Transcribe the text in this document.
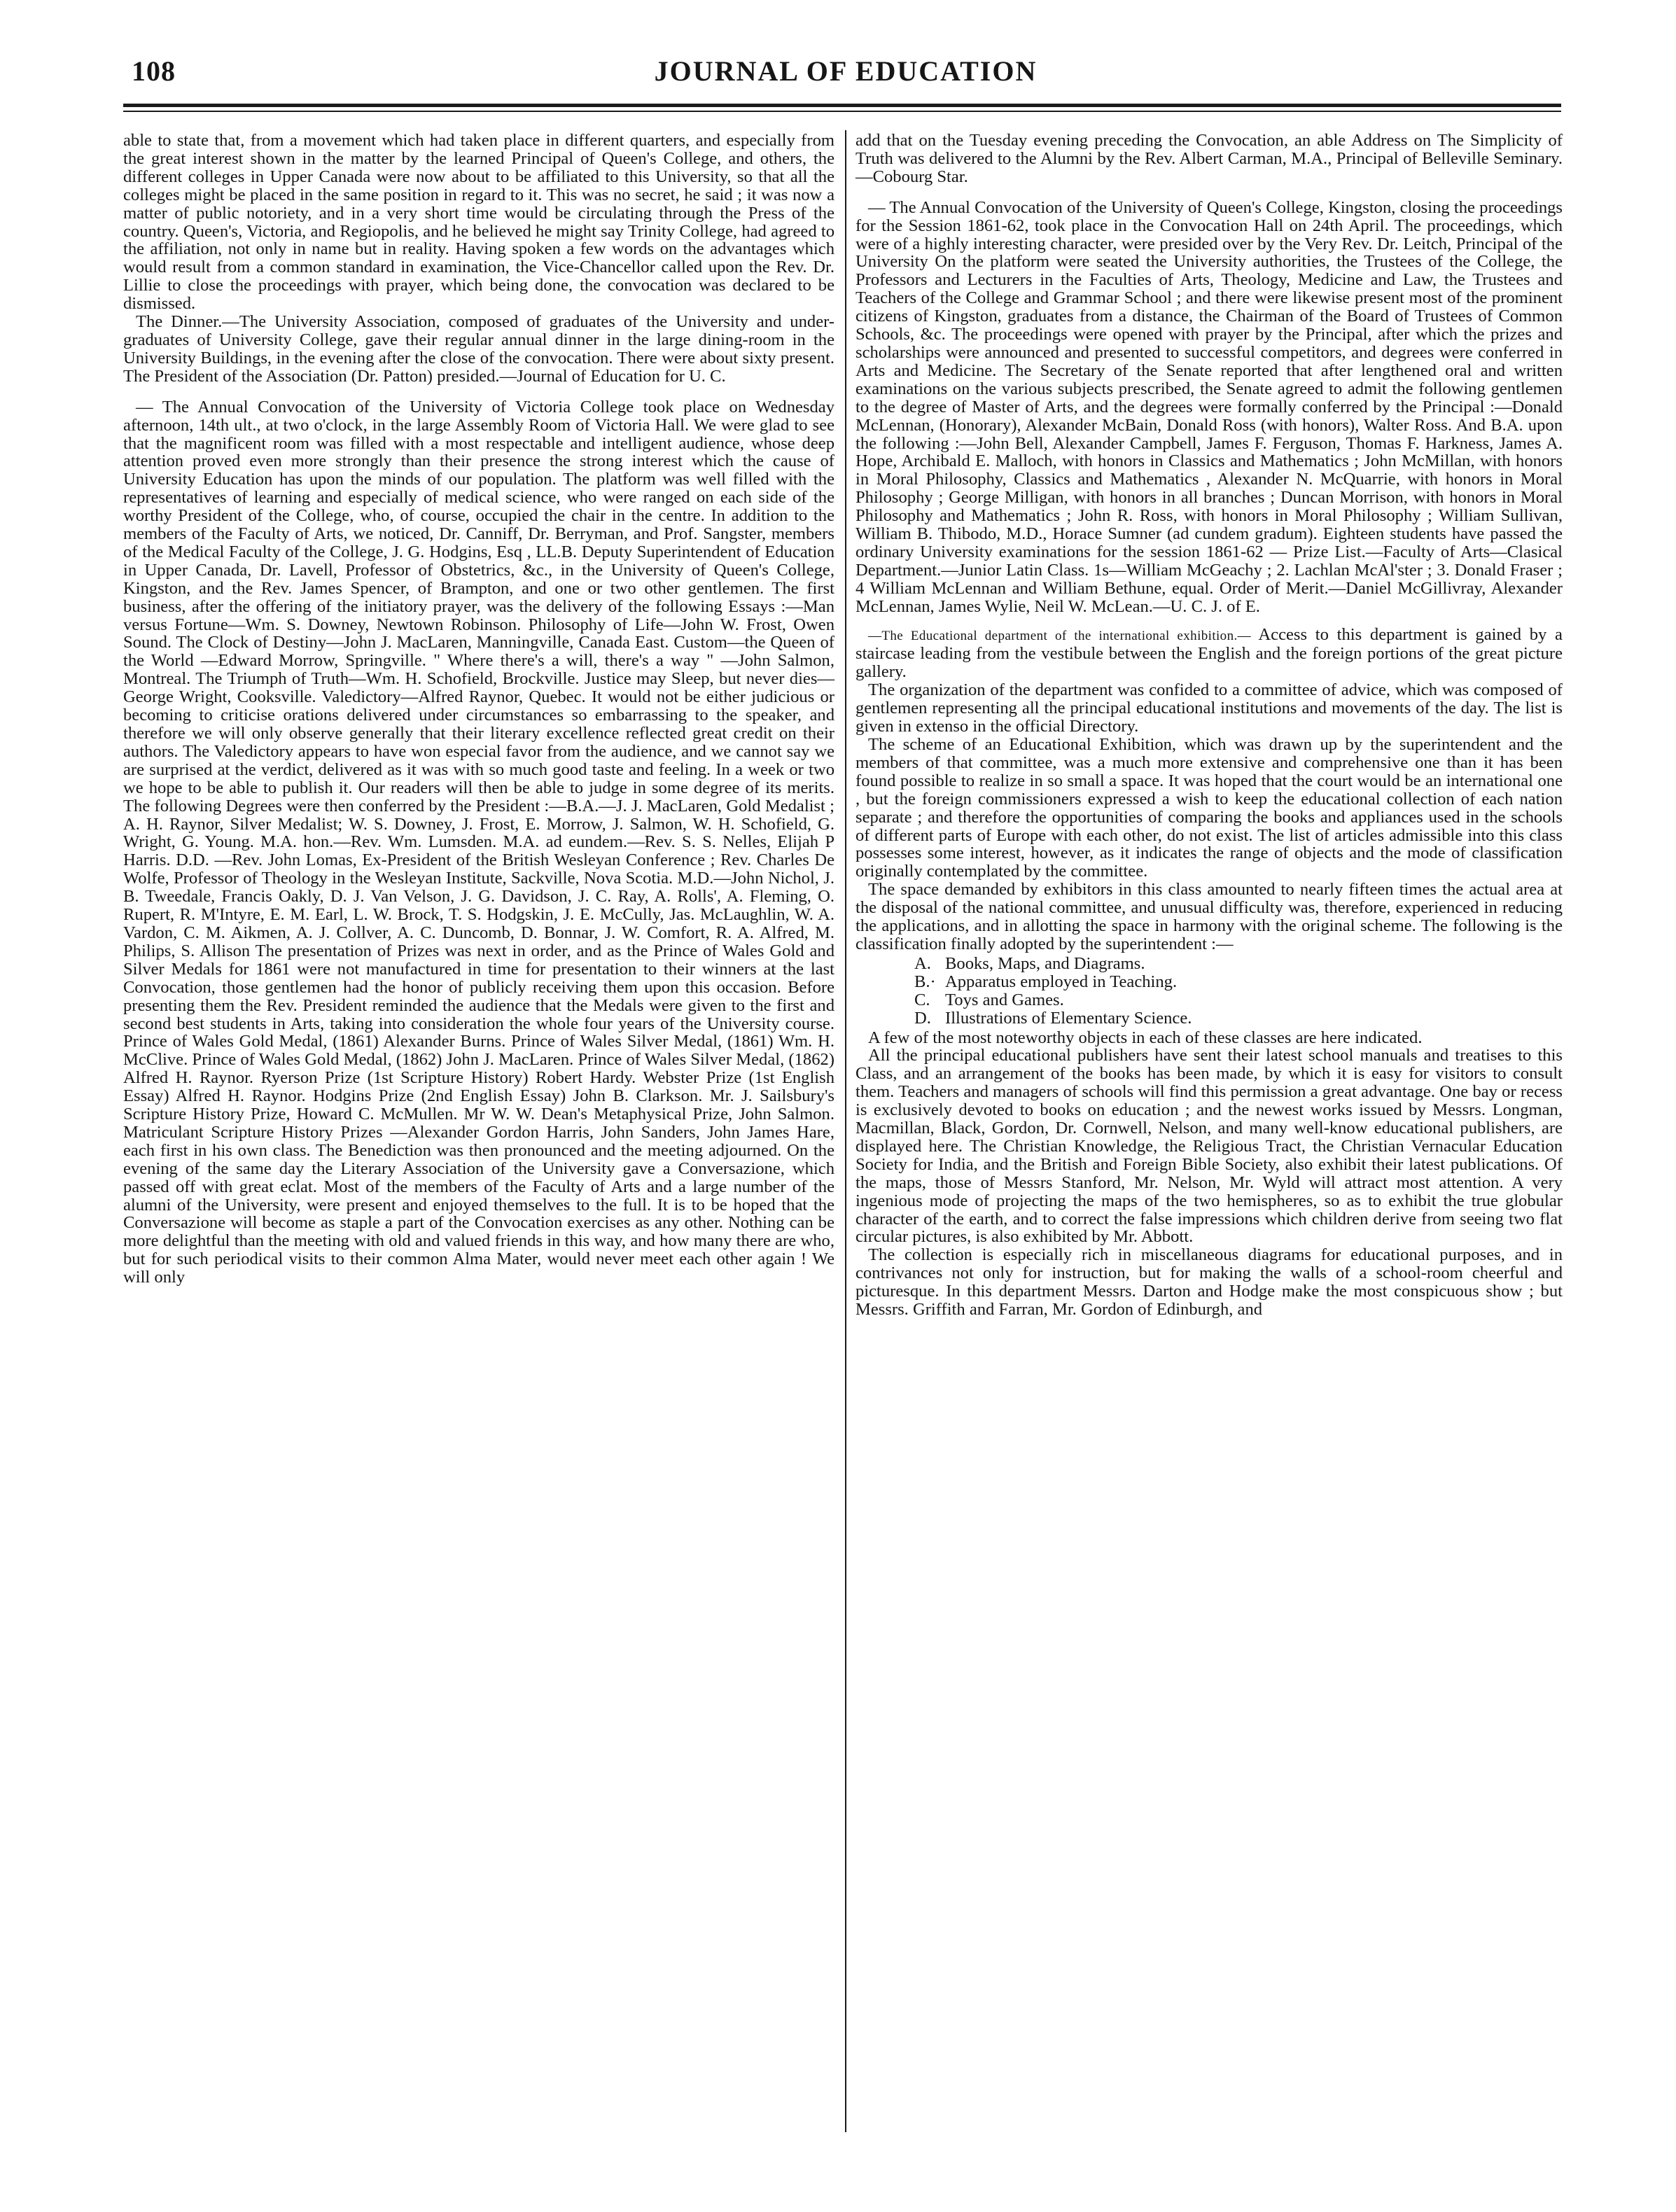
JOURNAL OF EDUCATION
108

able to state that, from a movement which had taken place in different quarters, and especially from the great interest shown in the matter by the learned Principal of Queen's College, and others, the different colleges in Upper Canada were now about to be affiliated to this University, so that all the colleges might be placed in the same position in regard to it. This was no secret, he said ; it was now a matter of public notoriety, and in a very short time would be circulating through the Press of the country. Queen's, Victoria, and Regiopolis, and he believed he might say Trinity College, had agreed to the affiliation, not only in name but in reality. Having spoken a few words on the advantages which would result from a common standard in examination, the Vice-Chancellor called upon the Rev. Dr. Lillie to close the proceedings with prayer, which being done, the convocation was declared to be dismissed.

The Dinner.—The University Association, composed of graduates of the University and under-graduates of University College, gave their regular annual dinner in the large dining-room in the University Buildings, in the evening after the close of the convocation. There were about sixty present. The President of the Association (Dr. Patton) presided.—Journal of Education for U. C.

— The Annual Convocation of the University of Victoria College took place on Wednesday afternoon, 14th ult., at two o'clock, in the large Assembly Room of Victoria Hall. We were glad to see that the magnificent room was filled with a most respectable and intelligent audience, whose deep attention proved even more strongly than their presence the strong interest which the cause of University Education has upon the minds of our population. The platform was well filled with the representatives of learning and especially of medical science, who were ranged on each side of the worthy President of the College, who, of course, occupied the chair in the centre. In addition to the members of the Faculty of Arts, we noticed, Dr. Canniff, Dr. Berryman, and Prof. Sangster, members of the Medical Faculty of the College, J. G. Hodgins, Esq , LL.B. Deputy Superintendent of Education in Upper Canada, Dr. Lavell, Professor of Obstetrics, &c., in the University of Queen's College, Kingston, and the Rev. James Spencer, of Brampton, and one or two other gentlemen. The first business, after the offering of the initiatory prayer, was the delivery of the following Essays :—Man versus Fortune—Wm. S. Downey, Newtown Robinson. Philosophy of Life—John W. Frost, Owen Sound. The Clock of Destiny—John J. MacLaren, Manningville, Canada East. Custom—the Queen of the World —Edward Morrow, Springville. " Where there's a will, there's a way " —John Salmon, Montreal. The Triumph of Truth—Wm. H. Schofield, Brockville. Justice may Sleep, but never dies—George Wright, Cooksville. Valedictory—Alfred Raynor, Quebec. It would not be either judicious or becoming to criticise orations delivered under circumstances so embarrassing to the speaker, and therefore we will only observe generally that their literary excellence reflected great credit on their authors. The Valedictory appears to have won especial favor from the audience, and we cannot say we are surprised at the verdict, delivered as it was with so much good taste and feeling. In a week or two we hope to be able to publish it. Our readers will then be able to judge in some degree of its merits. The following Degrees were then conferred by the President :—B.A.—J. J. MacLaren, Gold Medalist ; A. H. Raynor, Silver Medalist; W. S. Downey, J. Frost, E. Morrow, J. Salmon, W. H. Schofield, G. Wright, G. Young. M.A. hon.—Rev. Wm. Lumsden. M.A. ad eundem.—Rev. S. S. Nelles, Elijah P Harris. D.D. —Rev. John Lomas, Ex-President of the British Wesleyan Conference ; Rev. Charles De Wolfe, Professor of Theology in the Wesleyan Institute, Sackville, Nova Scotia. M.D.—John Nichol, J. B. Tweedale, Francis Oakly, D. J. Van Velson, J. G. Davidson, J. C. Ray, A. Rolls', A. Fleming, O. Rupert, R. M'Intyre, E. M. Earl, L. W. Brock, T. S. Hodgskin, J. E. McCully, Jas. McLaughlin, W. A. Vardon, C. M. Aikmen, A. J. Collver, A. C. Duncomb, D. Bonnar, J. W. Comfort, R. A. Alfred, M. Philips, S. Allison The presentation of Prizes was next in order, and as the Prince of Wales Gold and Silver Medals for 1861 were not manufactured in time for presentation to their winners at the last Convocation, those gentlemen had the honor of publicly receiving them upon this occasion. Before presenting them the Rev. President reminded the audience that the Medals were given to the first and second best students in Arts, taking into consideration the whole four years of the University course. Prince of Wales Gold Medal, (1861) Alexander Burns. Prince of Wales Silver Medal, (1861) Wm. H. McClive. Prince of Wales Gold Medal, (1862) John J. MacLaren. Prince of Wales Silver Medal, (1862) Alfred H. Raynor. Ryerson Prize (1st Scripture History) Robert Hardy. Webster Prize (1st English Essay) Alfred H. Raynor. Hodgins Prize (2nd English Essay) John B. Clarkson. Mr. J. Sailsbury's Scripture History Prize, Howard C. McMullen. Mr W. W. Dean's Metaphysical Prize, John Salmon. Matriculant Scripture History Prizes —Alexander Gordon Harris, John Sanders, John James Hare, each first in his own class. The Benediction was then pronounced and the meeting adjourned. On the evening of the same day the Literary Association of the University gave a Conversazione, which passed off with great eclat. Most of the members of the Faculty of Arts and a large number of the alumni of the University, were present and enjoyed themselves to the full. It is to be hoped that the Conversazione will become as staple a part of the Convocation exercises as any other. Nothing can be more delightful than the meeting with old and valued friends in this way, and how many there are who, but for such periodical visits to their common Alma Mater, would never meet each other again ! We will only

add that on the Tuesday evening preceding the Convocation, an able Address on The Simplicity of Truth was delivered to the Alumni by the Rev. Albert Carman, M.A., Principal of Belleville Seminary.—Cobourg Star.

— The Annual Convocation of the University of Queen's College, Kingston, closing the proceedings for the Session 1861-62, took place in the Convocation Hall on 24th April. The proceedings, which were of a highly interesting character, were presided over by the Very Rev. Dr. Leitch, Principal of the University On the platform were seated the University authorities, the Trustees of the College, the Professors and Lecturers in the Faculties of Arts, Theology, Medicine and Law, the Trustees and Teachers of the College and Grammar School ; and there were likewise present most of the prominent citizens of Kingston, graduates from a distance, the Chairman of the Board of Trustees of Common Schools, &c. The proceedings were opened with prayer by the Principal, after which the prizes and scholarships were announced and presented to successful competitors, and degrees were conferred in Arts and Medicine. The Secretary of the Senate reported that after lengthened oral and written examinations on the various subjects prescribed, the Senate agreed to admit the following gentlemen to the degree of Master of Arts, and the degrees were formally conferred by the Principal :—Donald McLennan, (Honorary), Alexander McBain, Donald Ross (with honors), Walter Ross. And B.A. upon the following :—John Bell, Alexander Campbell, James F. Ferguson, Thomas F. Harkness, James A. Hope, Archibald E. Malloch, with honors in Classics and Mathematics ; John McMillan, with honors in Moral Philosophy, Classics and Mathematics , Alexander N. McQuarrie, with honors in Moral Philosophy ; George Milligan, with honors in all branches ; Duncan Morrison, with honors in Moral Philosophy and Mathematics ; John R. Ross, with honors in Moral Philosophy ; William Sullivan, William B. Thibodo, M.D., Horace Sumner (ad cundem gradum). Eighteen students have passed the ordinary University examinations for the session 1861-62 — Prize List.—Faculty of Arts—Clasical Department.—Junior Latin Class. 1s—William McGeachy ; 2. Lachlan McAl'ster ; 3. Donald Fraser ; 4 William McLennan and William Bethune, equal. Order of Merit.—Daniel McGillivray, Alexander McLennan, James Wylie, Neil W. McLean.—U. C. J. of E.

—The Educational department of the international exhibition.— Access to this department is gained by a staircase leading from the vestibule between the English and the foreign portions of the great picture gallery.

The organization of the department was confided to a committee of advice, which was composed of gentlemen representing all the principal educational institutions and movements of the day. The list is given in extenso in the official Directory.

The scheme of an Educational Exhibition, which was drawn up by the superintendent and the members of that committee, was a much more extensive and comprehensive one than it has been found possible to realize in so small a space. It was hoped that the court would be an international one , but the foreign commissioners expressed a wish to keep the educational collection of each nation separate ; and therefore the opportunities of comparing the books and appliances used in the schools of different parts of Europe with each other, do not exist. The list of articles admissible into this class possesses some interest, however, as it indicates the range of objects and the mode of classification originally contemplated by the committee.

The space demanded by exhibitors in this class amounted to nearly fifteen times the actual area at the disposal of the national committee, and unusual difficulty was, therefore, experienced in reducing the applications, and in allotting the space in harmony with the original scheme. The following is the classification finally adopted by the superintendent :—

A. Books, Maps, and Diagrams.
B.· Apparatus employed in Teaching.
C. Toys and Games.
D. Illustrations of Elementary Science.

A few of the most noteworthy objects in each of these classes are here indicated.

All the principal educational publishers have sent their latest school manuals and treatises to this Class, and an arrangement of the books has been made, by which it is easy for visitors to consult them. Teachers and managers of schools will find this permission a great advantage. One bay or recess is exclusively devoted to books on education ; and the newest works issued by Messrs. Longman, Macmillan, Black, Gordon, Dr. Cornwell, Nelson, and many well-know educational publishers, are displayed here. The Christian Knowledge, the Religious Tract, the Christian Vernacular Education Society for India, and the British and Foreign Bible Society, also exhibit their latest publications. Of the maps, those of Messrs Stanford, Mr. Nelson, Mr. Wyld will attract most attention. A very ingenious mode of projecting the maps of the two hemispheres, so as to exhibit the true globular character of the earth, and to correct the false impressions which children derive from seeing two flat circular pictures, is also exhibited by Mr. Abbott.

The collection is especially rich in miscellaneous diagrams for educational purposes, and in contrivances not only for instruction, but for making the walls of a school-room cheerful and picturesque. In this department Messrs. Darton and Hodge make the most conspicuous show ; but Messrs. Griffith and Farran, Mr. Gordon of Edinburgh, and
